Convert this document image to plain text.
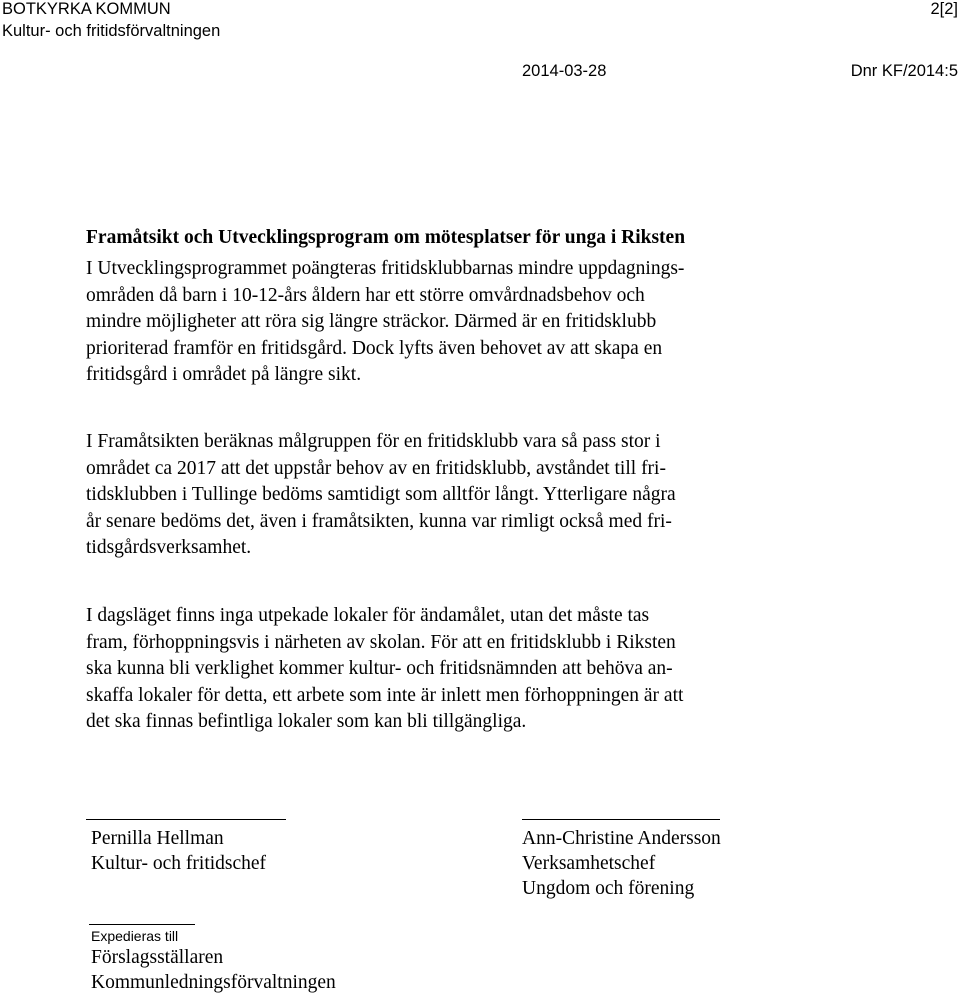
BOTKYRKA KOMMUN
Kultur- och fritidsförvaltningen
2[2]
2014-03-28	Dnr KF/2014:5
Framåtsikt och Utvecklingsprogram om mötesplatser för unga i Riksten
I Utvecklingsprogrammet poängteras fritidsklubbarnas mindre uppdagnings-
områden då barn i 10-12-års åldern har ett större omvårdnadsbehov och
mindre möjligheter att röra sig längre sträckor. Därmed är en fritidsklubb
prioriterad framför en fritidsgård. Dock lyfts även behovet av att skapa en
fritidsgård i området på längre sikt.
I Framåtsikten beräknas målgruppen för en fritidsklubb vara så pass stor i
området ca 2017 att det uppstår behov av en fritidsklubb, avståndet till fri-
tidsklubben i Tullinge bedöms samtidigt som alltför långt. Ytterligare några
år senare bedöms det, även i framåtsikten, kunna var rimligt också med fri-
tidsgårdsverksamhet.
I dagsläget finns inga utpekade lokaler för ändamålet, utan det måste tas
fram, förhoppningsvis i närheten av skolan. För att en fritidsklubb i Riksten
ska kunna bli verklighet kommer kultur- och fritidsnämnden att behöva an-
skaffa lokaler för detta, ett arbete som inte är inlett men förhoppningen är att
det ska finnas befintliga lokaler som kan bli tillgängliga.
Pernilla Hellman
Kultur- och fritidschef
Ann-Christine Andersson
Verksamhetschef
Ungdom och förening
Expedieras till
Förslagsställaren
Kommunledningsförvaltningen
